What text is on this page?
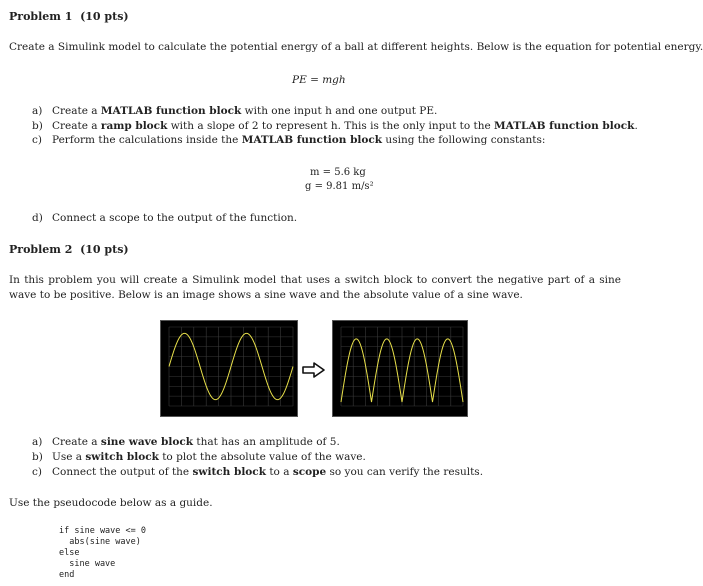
Problem 1 (10 pts)
Create a Simulink model to calculate the potential energy of a ball at different heights. Below is the equation for potential energy.
PE = mgh
a) Create a MATLAB function block with one input h and one output PE.
b) Create a ramp block with a slope of 2 to represent h. This is the only input to the MATLAB function block.
c) Perform the calculations inside the MATLAB function block using the following constants:
m = 5.6 kg
g = 9.81 m/s²
d) Connect a scope to the output of the function.
Problem 2 (10 pts)
In this problem you will create a Simulink model that uses a switch block to convert the negative part of a sine wave to be positive. Below is an image shows a sine wave and the absolute value of a sine wave.
a) Create a sine wave block that has an amplitude of 5.
b) Use a switch block to plot the absolute value of the wave.
c) Connect the output of the switch block to a scope so you can verify the results.
Use the pseudocode below as a guide.
if sine wave <= 0
abs(sine wave)
else
sine wave
end
